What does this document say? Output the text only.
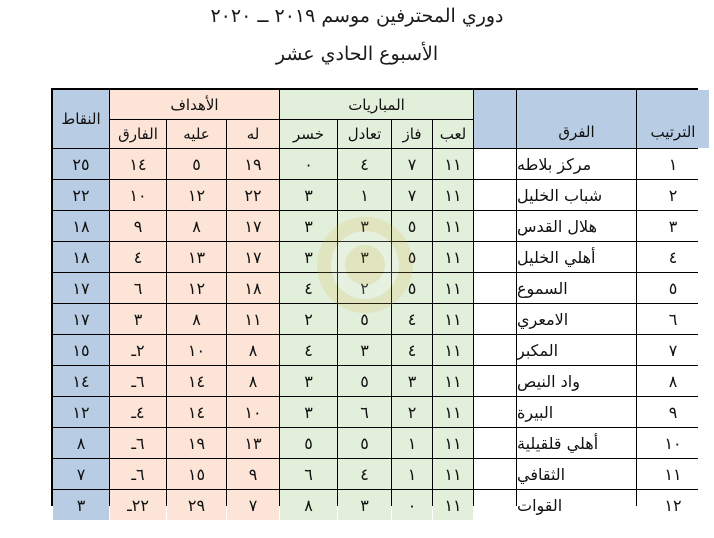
دوري المحترفين موسم ٢٠١٩ ــ ٢٠٢٠
الأسبوع الحادي عشر
النقاط
الأهداف	المباريات
الفرق	الترتيب
الفارق	عليه	له	خسر	تعادل	فاز	لعب
٢٥	١٤	٥	١٩	٠	٤	٧	١١	مركز بلاطه	١
٢٢	١٠	١٢	٢٢	٣	١	٧	١١	شباب الخليل	٢
١٨	٩	٨	١٧	٣	٣	٥	١١	هلال القدس	٣
١٨	٤	١٣	١٧	٣	٣	٥	١١	أهلي الخليل	٤
١٧	٦	١٢	١٨	٤	٢	٥	١١	السموع	٥
١٧	٣	٨	١١	٢	٥	٤	١١	الامعري	٦
١٥	٢ـ	١٠	٨	٤	٣	٤	١١	المكبر	٧
١٤	٦ـ	١٤	٨	٣	٥	٣	١١	واد النيص	٨
١٢	٤ـ	١٤	١٠	٣	٦	٢	١١	البيرة	٩
٨	٦ـ	١٩	١٣	٥	٥	١	١١	أهلي قلقيلية	١٠
٧	٦ـ	١٥	٩	٦	٤	١	١١	الثقافي	١١
٣	٢٢ـ	٢٩	٧	٨	٣	٠	١١	القوات	١٢
